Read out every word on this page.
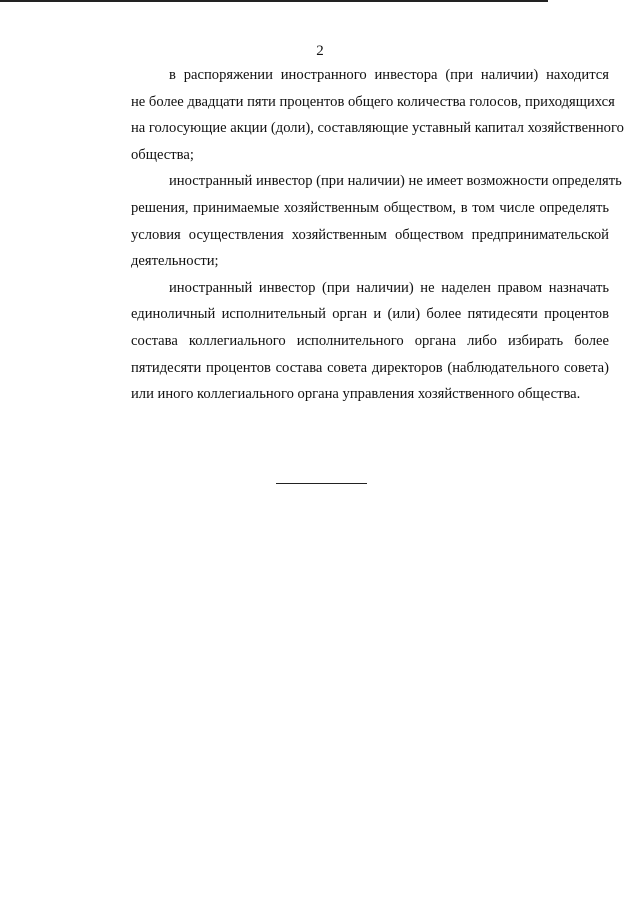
2
в распоряжении иностранного инвестора (при наличии) находится
не более двадцати пяти процентов общего количества голосов, приходящихся
на голосующие акции (доли), составляющие уставный капитал хозяйственного
общества;
иностранный инвестор (при наличии) не имеет возможности определять
решения, принимаемые хозяйственным обществом, в том числе определять
условия осуществления хозяйственным обществом предпринимательской
деятельности;
иностранный инвестор (при наличии) не наделен правом назначать
единоличный исполнительный орган и (или) более пятидесяти процентов
состава коллегиального исполнительного органа либо избирать более
пятидесяти процентов состава совета директоров (наблюдательного совета)
или иного коллегиального органа управления хозяйственного общества.
